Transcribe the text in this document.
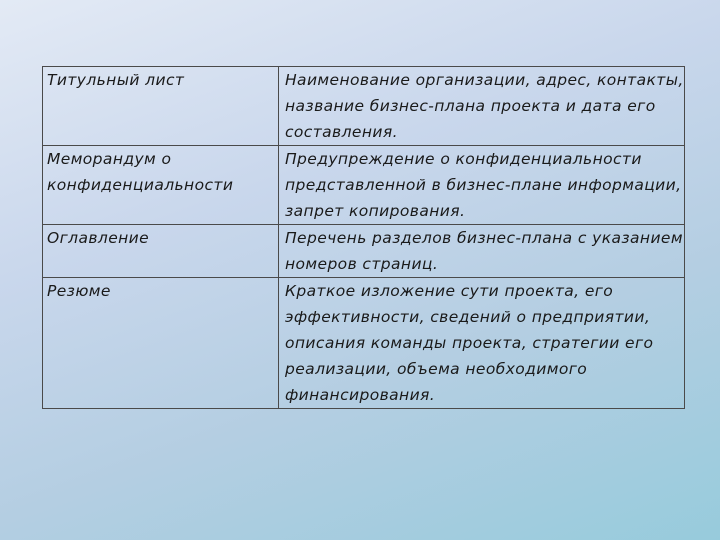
Титульный лист	Наименование организации, адрес, контакты, название бизнес-плана проекта и дата его составления.
Меморандум о конфиденциальности	Предупреждение о конфиденциальности представленной в бизнес-плане информации, запрет копирования.
Оглавление	Перечень разделов бизнес-плана с указанием номеров страниц.
Резюме	Краткое изложение сути проекта, его эффективности, сведений о предприятии, описания команды проекта, стратегии его реализации, объема необходимого финансирования.
